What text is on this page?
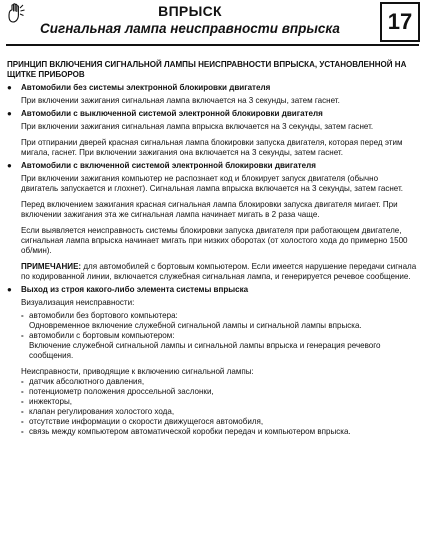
ВПРЫСК
Сигнальная лампа неисправности впрыска	17

ПРИНЦИП ВКЛЮЧЕНИЯ СИГНАЛЬНОЙ ЛАМПЫ НЕИСПРАВНОСТИ ВПРЫСКА, УСТАНОВЛЕННОЙ НА ЩИТКЕ ПРИБОРОВ

● Автомобили без системы электронной блокировки двигателя

При включении зажигания сигнальная лампа включается на 3 секунды, затем гаснет.

● Автомобили с выключенной системой электронной блокировки двигателя

При включении зажигания сигнальная лампа впрыска включается на 3 секунды, затем гаснет.

При отпирании дверей красная сигнальная лампа блокировки запуска двигателя, которая перед этим мигала, гаснет. При включении зажигания она включается на 3 секунды, затем гаснет.

● Автомобили с включенной системой электронной блокировки двигателя

При включении зажигания компьютер не распознает код и блокирует запуск двигателя (обычно двигатель запускается и глохнет). Сигнальная лампа впрыска включается на 3 секунды, затем гаснет.

Перед включением зажигания красная сигнальная лампа блокировки запуска двигателя мигает. При включении зажигания эта же сигнальная лампа начинает мигать в 2 раза чаще.

Если выявляется неисправность системы блокировки запуска двигателя при работающем двигателе, сигнальная лампа впрыска начинает мигать при низких оборотах (от холостого хода до примерно 1500 об/мин).

ПРИМЕЧАНИЕ: для автомобилей с бортовым компьютером. Если имеется нарушение передачи сигнала по кодированной линии, включается служебная сигнальная лампа, и генерируется речевое сообщение.

● Выход из строя какого-либо элемента системы впрыска

Визуализация неисправности:

- автомобили без бортового компьютера:

Одновременное включение служебной сигнальной лампы и сигнальной лампы впрыска.

- автомобили с бортовым компьютером:

Включение служебной сигнальной лампы и сигнальной лампы впрыска и генерация речевого сообщения.

Неисправности, приводящие к включению сигнальной лампы:

- датчик абсолютного давления,

- потенциометр положения дроссельной заслонки,

- инжекторы,

- клапан регулирования холостого хода,

- отсутствие информации о скорости движущегося автомобиля,

- связь между компьютером автоматической коробки передач и компьютером впрыска.
